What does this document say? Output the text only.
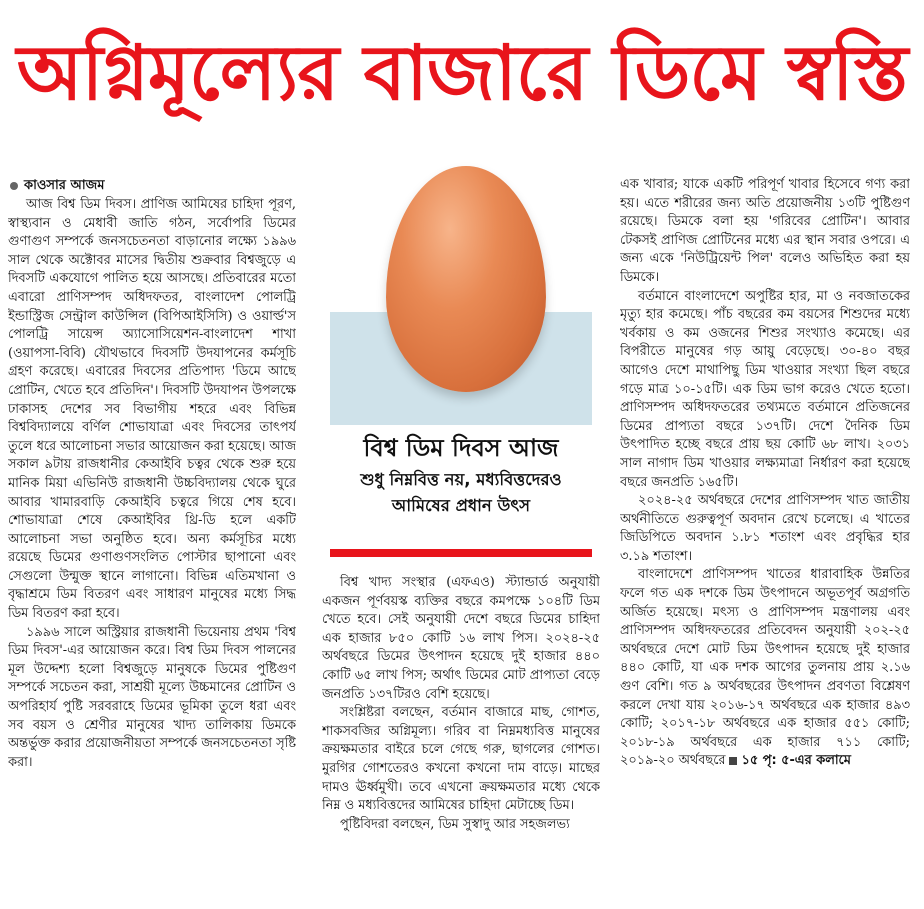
অগ্নিমূল্যের বাজারে ডিমে স্বস্তি
কাওসার আজম

আজ বিশ্ব ডিম দিবস। প্রাণিজ আমিষের চাহিদা পূরণ, স্বাস্থ্যবান ও মেধাবী জাতি গঠন, সর্বোপরি ডিমের গুণাগুণ সম্পর্কে জনসচেতনতা বাড়ানোর লক্ষ্যে ১৯৯৬ সাল থেকে অক্টোবর মাসের দ্বিতীয় শুক্রবার বিশ্বজুড়ে এ দিবসটি একযোগে পালিত হয়ে আসছে। প্রতিবারের মতো এবারো প্রাণিসম্পদ অধিদফতর, বাংলাদেশ পোলট্রি ইন্ডাস্ট্রিজ সেন্ট্রাল কাউন্সিল (বিপিআইসিসি) ও ওয়ার্ল্ড'স পোলট্রি সায়েন্স অ্যাসোসিয়েশন-বাংলাদেশ শাখা (ওয়াপসা-বিবি) যৌথভাবে দিবসটি উদযাপনের কর্মসূচি গ্রহণ করেছে। এবারের দিবসের প্রতিপাদ্য 'ডিমে আছে প্রোটিন, খেতে হবে প্রতিদিন'। দিবসটি উদযাপন উপলক্ষে ঢাকাসহ দেশের সব বিভাগীয় শহরে এবং বিভিন্ন বিশ্ববিদ্যালয়ে বর্ণিল শোভাযাত্রা এবং দিবসের তাৎপর্য তুলে ধরে আলোচনা সভার আয়োজন করা হয়েছে। আজ সকাল ৯টায় রাজধানীর কেআইবি চত্বর থেকে শুরু হয়ে মানিক মিয়া এভিনিউ রাজধানী উচ্চবিদ্যালয় থেকে ঘুরে আবার খামারবাড়ি কেআইবি চত্বরে গিয়ে শেষ হবে। শোভাযাত্রা শেষে কেআইবির থ্রি-ডি হলে একটি আলোচনা সভা অনুষ্ঠিত হবে। অন্য কর্মসূচির মধ্যে রয়েছে ডিমের গুণাগুণসংলিত পোস্টার ছাপানো এবং সেগুলো উন্মুক্ত স্থানে লাগানো। বিভিন্ন এতিমখানা ও বৃদ্ধাশ্রমে ডিম বিতরণ এবং সাধারণ মানুষের মধ্যে সিদ্ধ ডিম বিতরণ করা হবে।

১৯৯৬ সালে অস্ট্রিয়ার রাজধানী ভিয়েনায় প্রথম 'বিশ্ব ডিম দিবস'-এর আয়োজন করে। বিশ্ব ডিম দিবস পালনের মূল উদ্দেশ্য হলো বিশ্বজুড়ে মানুষকে ডিমের পুষ্টিগুণ সম্পর্কে সচেতন করা, সাশ্রয়ী মূল্যে উচ্চমানের প্রোটিন ও অপরিহার্য পুষ্টি সরবরাহে ডিমের ভূমিকা তুলে ধরা এবং সব বয়স ও শ্রেণীর মানুষের খাদ্য তালিকায় ডিমকে অন্তর্ভুক্ত করার প্রয়োজনীয়তা সম্পর্কে জনসচেতনতা সৃষ্টি করা।

বিশ্ব ডিম দিবস আজ
শুধু নিম্নবিত্ত নয়, মধ্যবিত্তদেরও
আমিষের প্রধান উৎস

বিশ্ব খাদ্য সংস্থার (এফএও) স্ট্যান্ডার্ড অনুযায়ী একজন পূর্ণবয়স্ক ব্যক্তির বছরে কমপক্ষে ১০৪টি ডিম খেতে হবে। সেই অনুযায়ী দেশে বছরে ডিমের চাহিদা এক হাজার ৮৫০ কোটি ১৬ লাখ পিস। ২০২৪-২৫ অর্থবছরে ডিমের উৎপাদন হয়েছে দুই হাজার ৪৪০ কোটি ৬৫ লাখ পিস; অর্থাৎ ডিমের মোট প্রাপ্যতা বেড়ে জনপ্রতি ১৩৭টিরও বেশি হয়েছে।

সংশ্লিষ্টরা বলছেন, বর্তমান বাজারে মাছ, গোশত, শাকসবজির অগ্নিমূল্য। গরিব বা নিম্নমধ্যবিত্ত মানুষের ক্রয়ক্ষমতার বাইরে চলে গেছে গরু, ছাগলের গোশত। মুরগির গোশতেরও কখনো কখনো দাম বাড়ে। মাছের দামও ঊর্ধ্বমুখী। তবে এখনো ক্রয়ক্ষমতার মধ্যে থেকে নিম্ন ও মধ্যবিত্তদের আমিষের চাহিদা মেটাচ্ছে ডিম।

পুষ্টিবিদরা বলছেন, ডিম সুস্বাদু আর সহজলভ্য

এক খাবার; যাকে একটি পরিপূর্ণ খাবার হিসেবে গণ্য করা হয়। এতে শরীরের জন্য অতি প্রয়োজনীয় ১৩টি পুষ্টিগুণ রয়েছে। ডিমকে বলা হয় 'গরিবের প্রোটিন'। আবার টেকসই প্রাণিজ প্রোটিনের মধ্যে এর স্থান সবার ওপরে। এ জন্য একে 'নিউট্রিয়েন্ট পিল' বলেও অভিহিত করা হয় ডিমকে।

বর্তমানে বাংলাদেশে অপুষ্টির হার, মা ও নবজাতকের মৃত্যু হার কমেছে। পাঁচ বছরের কম বয়সের শিশুদের মধ্যে খর্বকায় ও কম ওজনের শিশুর সংখ্যাও কমেছে। এর বিপরীতে মানুষের গড় আয়ু বেড়েছে। ৩০-৪০ বছর আগেও দেশে মাথাপিছু ডিম খাওয়ার সংখ্যা ছিল বছরে গড়ে মাত্র ১০-১৫টি। এক ডিম ভাগ করেও খেতে হতো। প্রাণিসম্পদ অধিদফতরের তথ্যমতে বর্তমানে প্রতিজনের ডিমের প্রাপ্যতা বছরে ১৩৭টি। দেশে দৈনিক ডিম উৎপাদিত হচ্ছে বছরে প্রায় ছয় কোটি ৬৮ লাখ। ২০৩১ সাল নাগাদ ডিম খাওয়ার লক্ষ্যমাত্রা নির্ধারণ করা হয়েছে বছরে জনপ্রতি ১৬৫টি।

২০২৪-২৫ অর্থবছরে দেশের প্রাণিসম্পদ খাত জাতীয় অর্থনীতিতে গুরুত্বপূর্ণ অবদান রেখে চলেছে। এ খাতের জিডিপিতে অবদান ১.৮১ শতাংশ এবং প্রবৃদ্ধির হার ৩.১৯ শতাংশ।

বাংলাদেশে প্রাণিসম্পদ খাতের ধারাবাহিক উন্নতির ফলে গত এক দশকে ডিম উৎপাদনে অভূতপূর্ব অগ্রগতি অর্জিত হয়েছে। মৎস্য ও প্রাণিসম্পদ মন্ত্রণালয় এবং প্রাণিসম্পদ অধিদফতরের প্রতিবেদন অনুযায়ী ২০২-২৫ অর্থবছরে দেশে মোট ডিম উৎপাদন হয়েছে দুই হাজার ৪৪০ কোটি, যা এক দশক আগের তুলনায় প্রায় ২.১৬ গুণ বেশি। গত ৯ অর্থবছরের উৎপাদন প্রবণতা বিশ্লেষণ করলে দেখা যায় ২০১৬-১৭ অর্থবছরে এক হাজার ৪৯৩ কোটি; ২০১৭-১৮ অর্থবছরে এক হাজার ৫৫১ কোটি; ২০১৮-১৯ অর্থবছরে এক হাজার ৭১১ কোটি; ২০১৯-২০ অর্থবছরে ১৫ পৃ: ৫-এর কলামে
